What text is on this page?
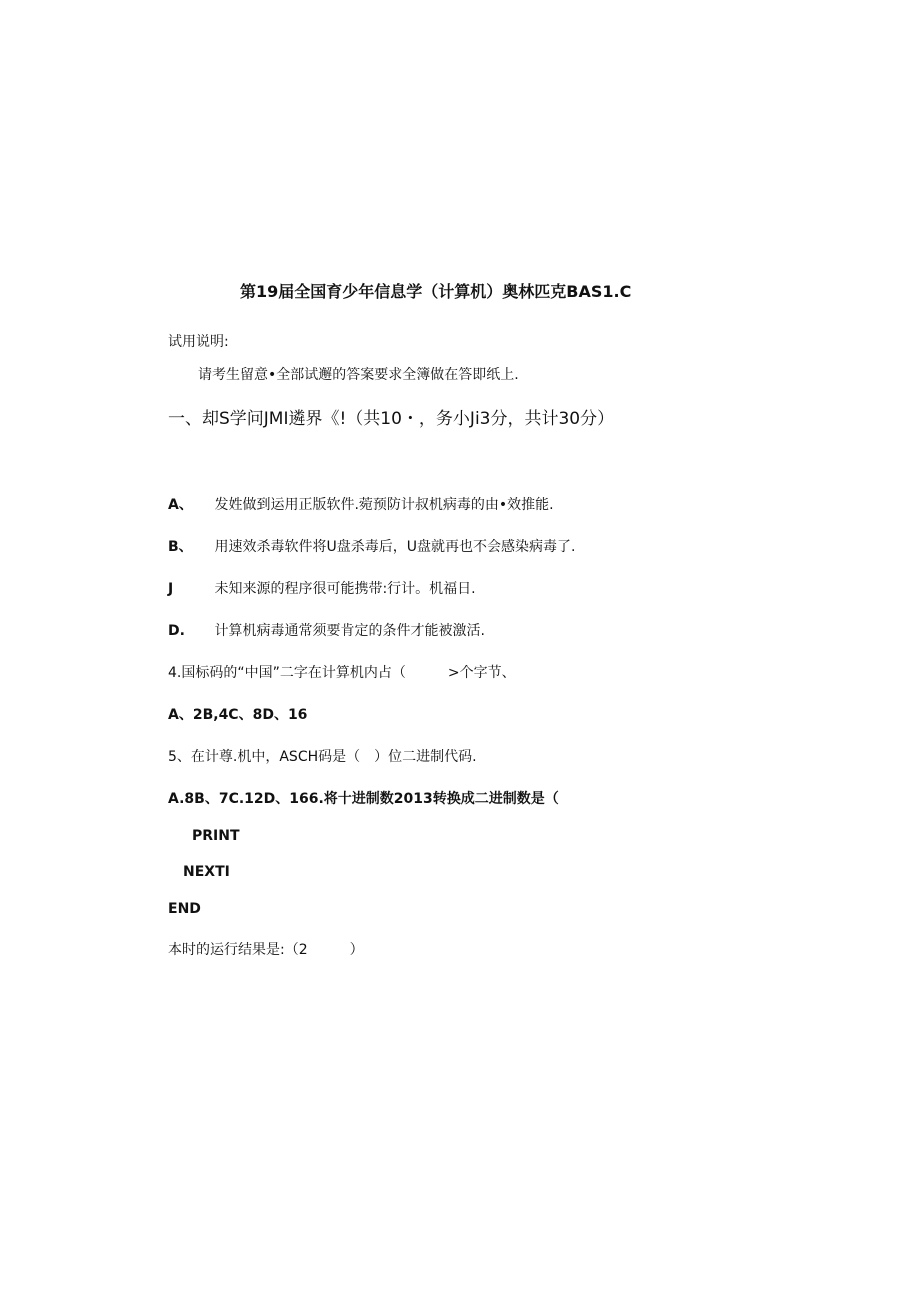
第19届全国育少年信息学（计算机）奥林匹克BAS1.C
试用说明:
请考生留意•全部试邂的答案要求全簿做在答即纸上.
一、却S学问JMI遴界《!（共10・，务小Ji3分，共计30分）
A、 发姓做到运用正版软件.菀预防计叔机病毒的由•效推能.
B、 用速效杀毒软件将U盘杀毒后，U盘就再也不会感染病毒了.
J	未知来源的程序很可能携带:行计。机福日.
D. 计算机病毒通常须要肯定的条件才能被激活.
4.国标码的“中国”二字在计算机内占（　　　>个字节、
A、2B,4C、8D、16
5、在计尊.机中，ASCH码是（　）位二进制代码.
A.8B、7C.12D、166.将十进制数2013转换成二进制数是（
PRINT
NEXTI
END
本时的运行结果是:（2　　　）
